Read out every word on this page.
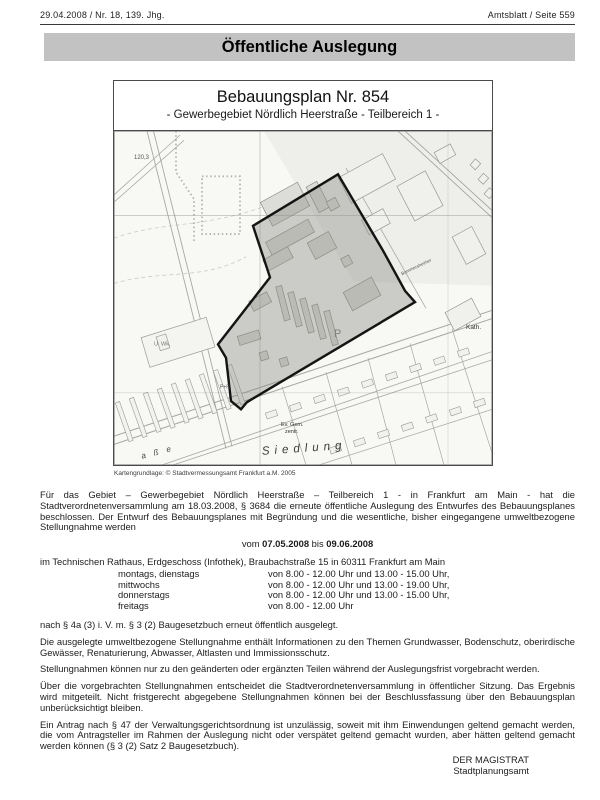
29.04.2008 / Nr. 18, 139. Jhg.	Amtsblatt / Seite 559
Öffentliche Auslegung
Bebauungsplan Nr. 854
- Gewerbegebiet Nördlich Heerstraße - Teilbereich 1 -
120,3
U. Wk.
P
P+R
Ev. Gem.
zentr.
Siedlung
Kath.
Bommersheimer
a ß e
Kartengrundlage: © Stadtvermessungsamt Frankfurt a.M. 2005

Für das Gebiet – Gewerbegebiet Nördlich Heerstraße – Teilbereich 1 - in Frankfurt am Main - hat die Stadtverordnetenversammlung am 18.03.2008, § 3684 die erneute öffentliche Auslegung des Entwurfes des Bebauungsplanes beschlossen. Der Entwurf des Bebauungsplanes mit Begründung und die wesentliche, bisher eingegangene umweltbezogene Stellungnahme werden

vom 07.05.2008 bis 09.06.2008
im Technischen Rathaus, Erdgeschoss (Infothek), Braubachstraße 15 in 60311 Frankfurt am Main
montags, dienstags	von 8.00 - 12.00 Uhr und 13.00 - 15.00 Uhr,
mittwochs	von 8.00 - 12.00 Uhr und 13.00 - 19.00 Uhr,
donnerstags	von 8.00 - 12.00 Uhr und 13.00 - 15.00 Uhr,
freitags	von 8.00 - 12.00 Uhr

nach § 4a (3) i. V. m. § 3 (2) Baugesetzbuch erneut öffentlich ausgelegt.

Die ausgelegte umweltbezogene Stellungnahme enthält Informationen zu den Themen Grundwasser, Bodenschutz, oberirdische Gewässer, Renaturierung, Abwasser, Altlasten und Immissionsschutz.

Stellungnahmen können nur zu den geänderten oder ergänzten Teilen während der Auslegungsfrist vorgebracht werden.

Über die vorgebrachten Stellungnahmen entscheidet die Stadtverordnetenversammlung in öffentlicher Sitzung. Das Ergebnis wird mitgeteilt. Nicht fristgerecht abgegebene Stellungnahmen können bei der Beschlussfassung über den Bebauungsplan unberücksichtigt bleiben.

Ein Antrag nach § 47 der Verwaltungsgerichtsordnung ist unzulässig, soweit mit ihm Einwendungen geltend gemacht werden, die vom Antragsteller im Rahmen der Auslegung nicht oder verspätet geltend gemacht wurden, aber hätten geltend gemacht werden können (§ 3 (2) Satz 2 Baugesetzbuch).

DER MAGISTRAT
Stadtplanungsamt
